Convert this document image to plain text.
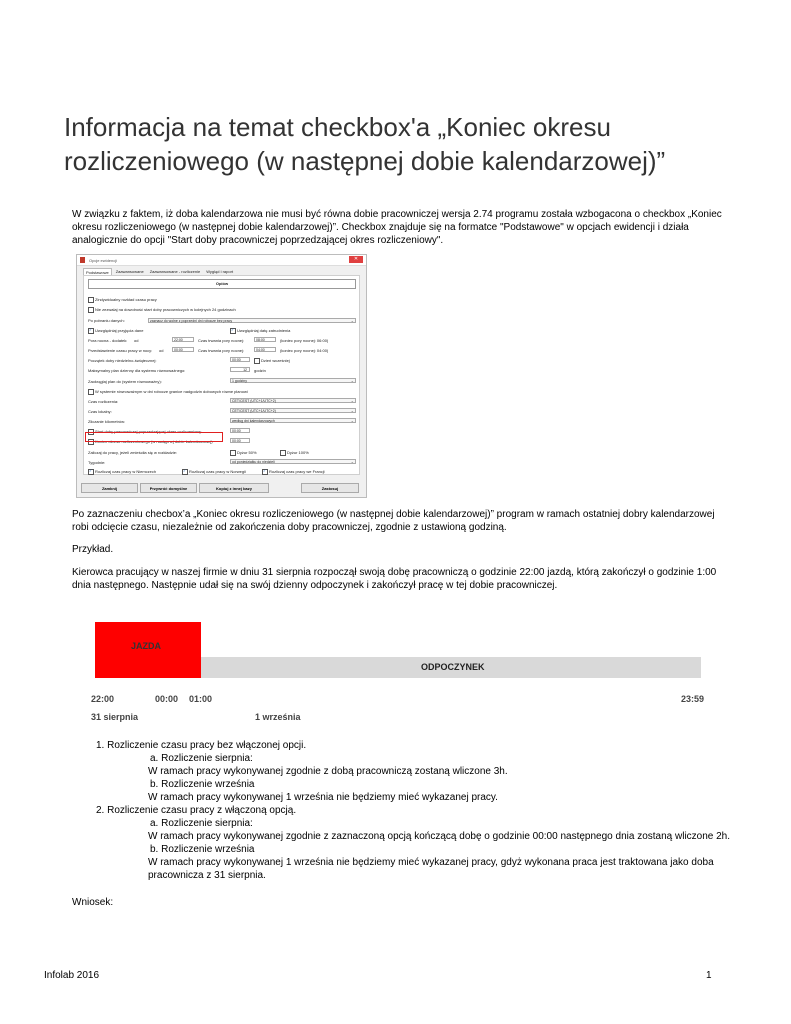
Informacja na temat checkbox'a „Koniec okresu rozliczeniowego (w następnej dobie kalendarzowej)”
W związku z faktem, iż doba kalendarzowa nie musi być równa dobie pracowniczej wersja 2.74 programu została wzbogacona o checkbox „Koniec okresu rozliczeniowego (w następnej dobie kalendarzowej)”. Checkbox znajduje się na formatce "Podstawowe" w opcjach ewidencji i działa analogicznie do opcji "Start doby pracowniczej poprzedzającej okres rozliczeniowy".
Opcje ewidencji	✕
Podstawowe	Zaawansowane	Zaawansowane - rozliczenie	Wygląd i raport
Opiów
Zindywidualny rozkład czasu pracy
Nie zezwalaj na dowolność start doby pracowniczych w kolejnych 24 godzinach
Po pobraniu danych:	zaznacz do wolne z poprzedni dni robocze bez pracy ⌄
✓Uwzględniaj przyjęcia dane ✓	Uwzględniaj datę zatrudnienia
Pora nocna - dodatek: od	22:00	Czas trwania pory nocnej:	08:00	(koniec pory nocnej: 06:00)
Przedstawienie czasu pracy w nocy: od	00:00	Czas trwania pory nocnej:	04:00	(koniec pory nocnej: 04:00)
Początek doby niedzielno-świątecznej:	00:00	Dzień wcześniej
Maksymalny plan dzienny dla systemu równoważnego:	12	godzin
Zaokrąglaj plan do (system równoważny):	1 godziny ⌄
W systemie równoważnym w dni robocze granice nadgodzin dobowych równe planowi
Czas rozliczenia:	CET/CEST (UTC+1/UTC+2) ⌄
Czas lokalny:	CET/CEST (UTC+1/UTC+2) ⌄
Zliczanie kilometrów:	według dni kalendarzowych ⌄
Start doby pracowniczej poprzedzającej okres rozliczeniowy	00:00
Koniec okresu rozliczeniowego (w następnej dobie kalendarzowej)	00:00
Zaliczaj do pracy, jeżeli zmieściła się w rozkładzie:	Dyżur 50%	Dyżur 100%
Tygodnie:	od poniedziałku do niedzieli ⌄
✓Rozliczaj czas pracy w Niemczech ✓	Rozliczaj czas pracy w Norwegii ✓	Rozliczaj czas pracy we Francji
Zamknij	Przywróć domyślne	Kopiuj z innej bazy	Zastosuj
Po zaznaczeniu checbox’a „Koniec okresu rozliczeniowego (w następnej dobie kalendarzowej)” program w ramach ostatniej dobry kalendarzowej robi odcięcie czasu, niezależnie od zakończenia doby pracowniczej, zgodnie z ustawioną godziną.
Przykład.
Kierowca pracujący w naszej firmie w dniu 31 sierpnia rozpoczął swoją dobę pracowniczą o godzinie 22:00 jazdą, którą zakończył o godzinie 1:00 dnia następnego. Następnie udał się na swój dzienny odpoczynek i zakończył pracę w tej dobie pracowniczej.
JAZDA
ODPOCZYNEK
22:00	00:00 01:00	23:59
31 sierpnia	1 września
1. Rozliczenie czasu pracy bez włączonej opcji.
a. Rozliczenie sierpnia:
W ramach pracy wykonywanej zgodnie z dobą pracowniczą zostaną wliczone 3h.
b. Rozliczenie września
W ramach pracy wykonywanej 1 września nie będziemy mieć wykazanej pracy.
2. Rozliczenie czasu pracy z włączoną opcją.
a. Rozliczenie sierpnia:
W ramach pracy wykonywanej zgodnie z zaznaczoną opcją kończącą dobę o godzinie 00:00 następnego dnia zostaną wliczone 2h.
b. Rozliczenie września
W ramach pracy wykonywanej 1 września nie będziemy mieć wykazanej pracy, gdyż wykonana praca jest traktowana jako doba pracownicza z 31 sierpnia.
Wniosek:
Infolab 2016	1
